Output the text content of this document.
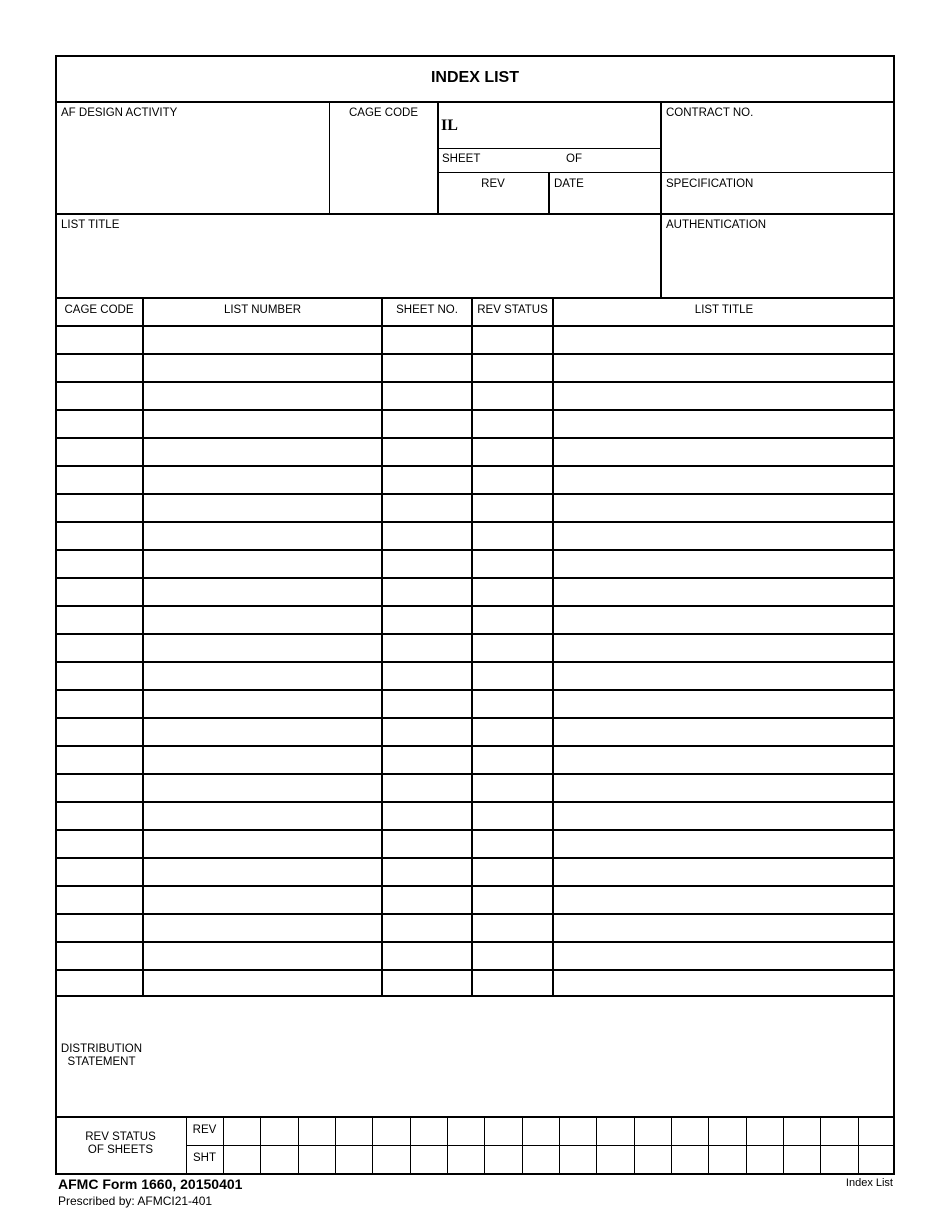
INDEX LIST
AF DESIGN ACTIVITY	CAGE CODE
IL
CONTRACT NO.
SHEET	OF
REV	DATE	SPECIFICATION
LIST TITLE	AUTHENTICATION
CAGE CODE	LIST NUMBER	SHEET NO.	REV STATUS	LIST TITLE
DISTRIBUTION
STATEMENT
REV STATUS
OF SHEETS
REV
SHT
AFMC Form 1660, 20150401
Prescribed by: AFMCI21-401
Index List
